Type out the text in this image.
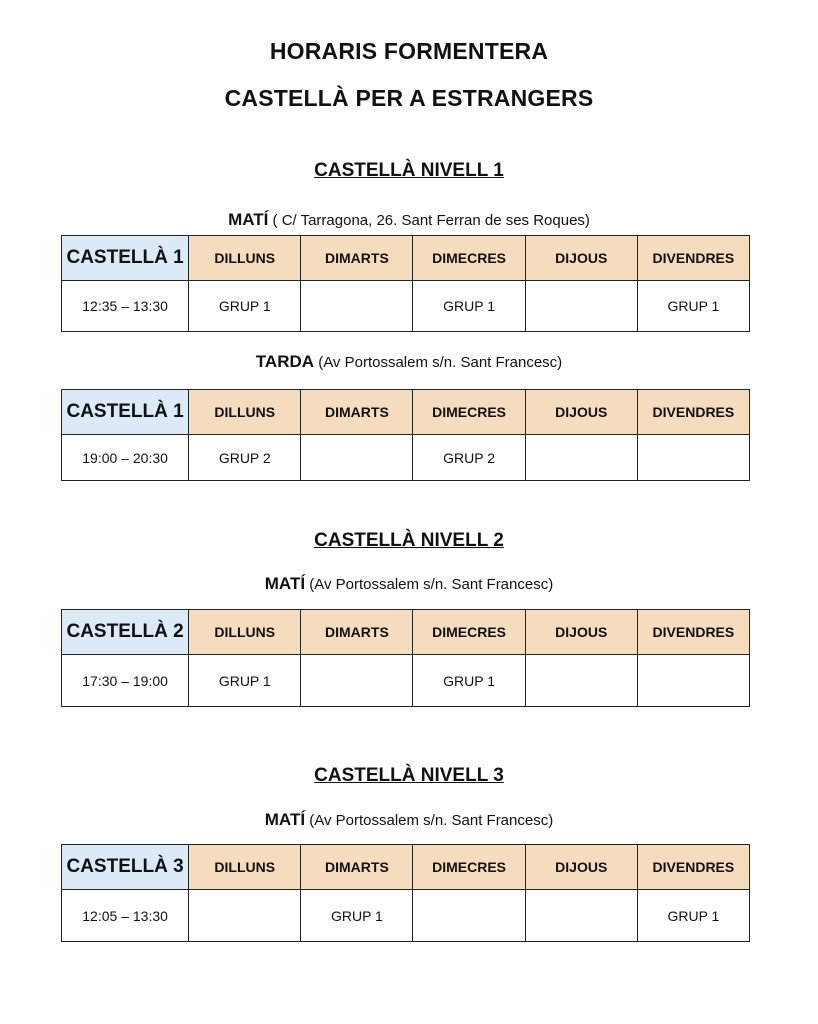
HORARIS FORMENTERA
CASTELLÀ PER A ESTRANGERS
CASTELLÀ NIVELL 1
MATÍ ( C/ Tarragona, 26. Sant Ferran de ses Roques)
CASTELLÀ 1	DILLUNS	DIMARTS	DIMECRES	DIJOUS	DIVENDRES
12:35 – 13:30	GRUP 1		GRUP 1		GRUP 1
TARDA (Av Portossalem s/n. Sant Francesc)
CASTELLÀ 1	DILLUNS	DIMARTS	DIMECRES	DIJOUS	DIVENDRES
19:00 – 20:30	GRUP 2		GRUP 2		
CASTELLÀ NIVELL 2
MATÍ (Av Portossalem s/n. Sant Francesc)
CASTELLÀ 2	DILLUNS	DIMARTS	DIMECRES	DIJOUS	DIVENDRES
17:30 – 19:00	GRUP 1		GRUP 1		
CASTELLÀ NIVELL 3
MATÍ (Av Portossalem s/n. Sant Francesc)
CASTELLÀ 3	DILLUNS	DIMARTS	DIMECRES	DIJOUS	DIVENDRES
12:05 – 13:30		GRUP 1			GRUP 1
